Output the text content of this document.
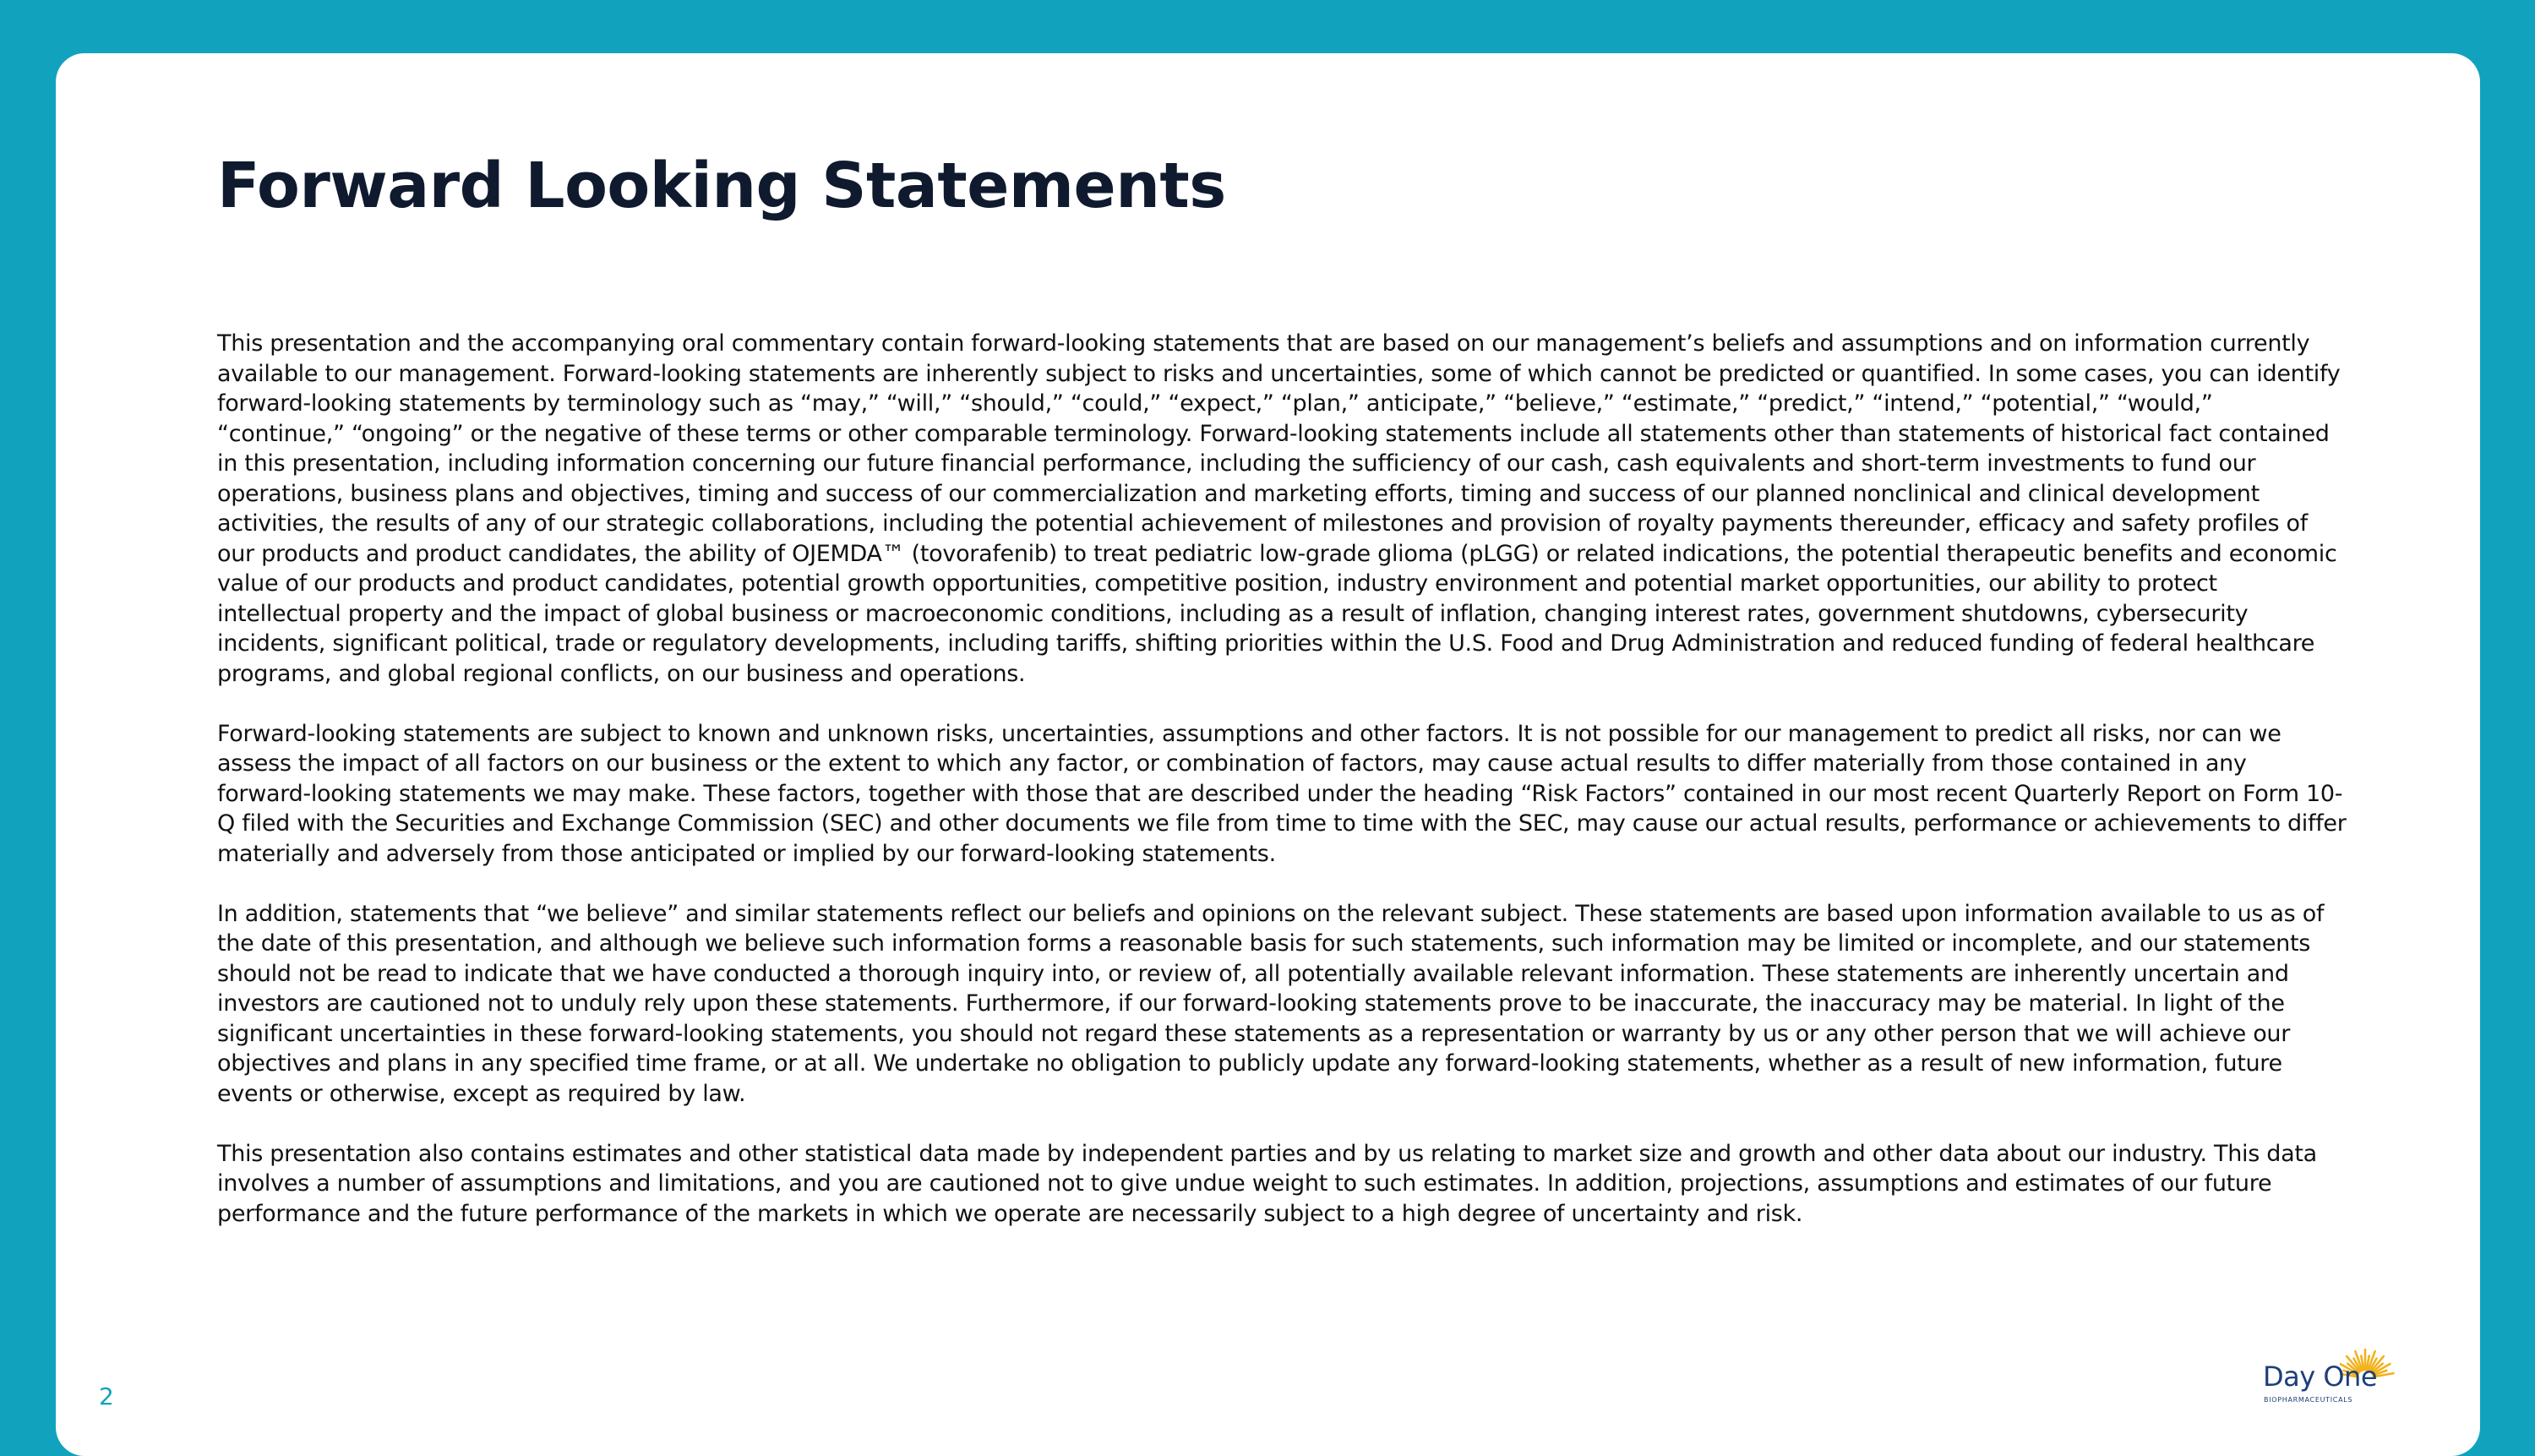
Forward Looking Statements

This presentation and the accompanying oral commentary contain forward-looking statements that are based on our management’s beliefs and assumptions and on information currently available to our management. Forward-looking statements are inherently subject to risks and uncertainties, some of which cannot be predicted or quantified. In some cases, you can identify forward-looking statements by terminology such as “may,” “will,” “should,” “could,” “expect,” “plan,” anticipate,” “believe,” “estimate,” “predict,” “intend,” “potential,” “would,” “continue,” “ongoing” or the negative of these terms or other comparable terminology. Forward-looking statements include all statements other than statements of historical fact contained in this presentation, including information concerning our future financial performance, including the sufficiency of our cash, cash equivalents and short-term investments to fund our operations, business plans and objectives, timing and success of our commercialization and marketing efforts, timing and success of our planned nonclinical and clinical development activities, the results of any of our strategic collaborations, including the potential achievement of milestones and provision of royalty payments thereunder, efficacy and safety profiles of our products and product candidates, the ability of OJEMDA™ (tovorafenib) to treat pediatric low-grade glioma (pLGG) or related indications, the potential therapeutic benefits and economic value of our products and product candidates, potential growth opportunities, competitive position, industry environment and potential market opportunities, our ability to protect intellectual property and the impact of global business or macroeconomic conditions, including as a result of inflation, changing interest rates, government shutdowns, cybersecurity incidents, significant political, trade or regulatory developments, including tariffs, shifting priorities within the U.S. Food and Drug Administration and reduced funding of federal healthcare programs, and global regional conflicts, on our business and operations.

Forward-looking statements are subject to known and unknown risks, uncertainties, assumptions and other factors. It is not possible for our management to predict all risks, nor can we assess the impact of all factors on our business or the extent to which any factor, or combination of factors, may cause actual results to differ materially from those contained in any forward-looking statements we may make. These factors, together with those that are described under the heading “Risk Factors” contained in our most recent Quarterly Report on Form 10-Q filed with the Securities and Exchange Commission (SEC) and other documents we file from time to time with the SEC, may cause our actual results, performance or achievements to differ materially and adversely from those anticipated or implied by our forward-looking statements.

In addition, statements that “we believe” and similar statements reflect our beliefs and opinions on the relevant subject. These statements are based upon information available to us as of the date of this presentation, and although we believe such information forms a reasonable basis for such statements, such information may be limited or incomplete, and our statements should not be read to indicate that we have conducted a thorough inquiry into, or review of, all potentially available relevant information. These statements are inherently uncertain and investors are cautioned not to unduly rely upon these statements. Furthermore, if our forward-looking statements prove to be inaccurate, the inaccuracy may be material. In light of the significant uncertainties in these forward-looking statements, you should not regard these statements as a representation or warranty by us or any other person that we will achieve our objectives and plans in any specified time frame, or at all. We undertake no obligation to publicly update any forward-looking statements, whether as a result of new information, future events or otherwise, except as required by law.

This presentation also contains estimates and other statistical data made by independent parties and by us relating to market size and growth and other data about our industry. This data involves a number of assumptions and limitations, and you are cautioned not to give undue weight to such estimates. In addition, projections, assumptions and estimates of our future performance and the future performance of the markets in which we operate are necessarily subject to a high degree of uncertainty and risk.

2
Day One
BIOPHARMACEUTICALS
